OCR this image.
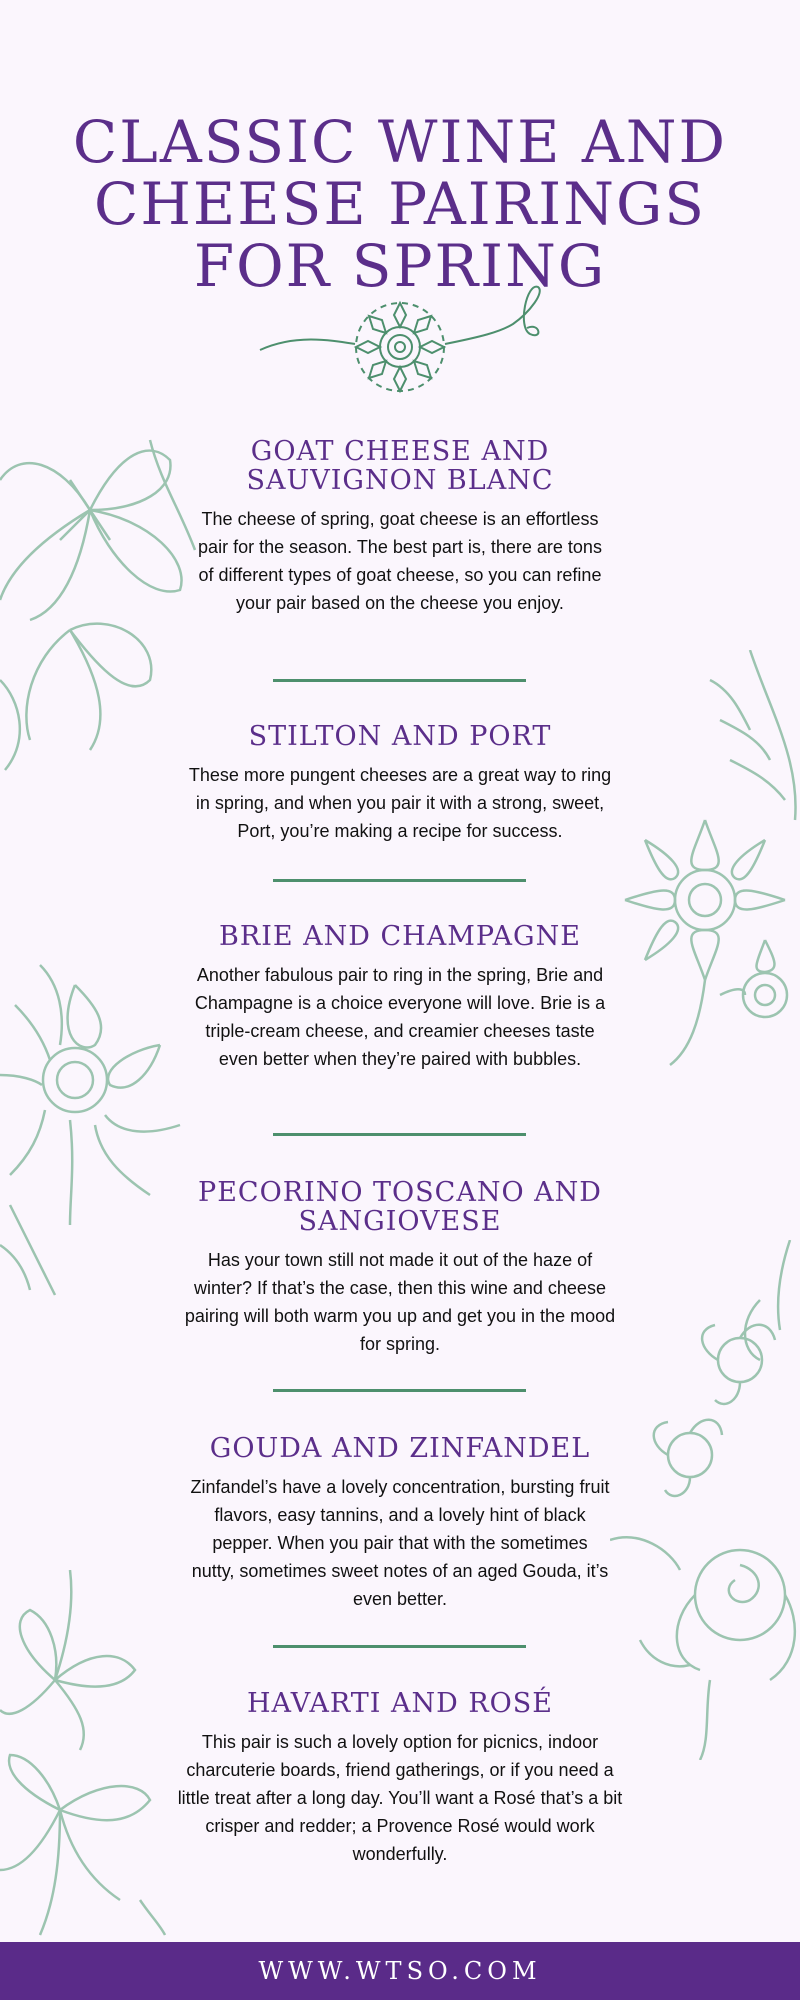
CLASSIC WINE AND
CHEESE PAIRINGS
FOR SPRING
GOAT CHEESE AND
SAUVIGNON BLANC

The cheese of spring, goat cheese is an effortless pair for the season. The best part is, there are tons of different types of goat cheese, so you can refine your pair based on the cheese you enjoy.

STILTON AND PORT

These more pungent cheeses are a great way to ring in spring, and when you pair it with a strong, sweet, Port, you’re making a recipe for success.

BRIE AND CHAMPAGNE

Another fabulous pair to ring in the spring, Brie and Champagne is a choice everyone will love. Brie is a triple-cream cheese, and creamier cheeses taste even better when they’re paired with bubbles.

PECORINO TOSCANO AND
SANGIOVESE

Has your town still not made it out of the haze of winter? If that’s the case, then this wine and cheese pairing will both warm you up and get you in the mood for spring.

GOUDA AND ZINFANDEL

Zinfandel’s have a lovely concentration, bursting fruit flavors, easy tannins, and a lovely hint of black pepper. When you pair that with the sometimes nutty, sometimes sweet notes of an aged Gouda, it’s even better.

HAVARTI AND ROSÉ

This pair is such a lovely option for picnics, indoor charcuterie boards, friend gatherings, or if you need a little treat after a long day. You’ll want a Rosé that’s a bit crisper and redder; a Provence Rosé would work wonderfully.

WWW.WTSO.COM
